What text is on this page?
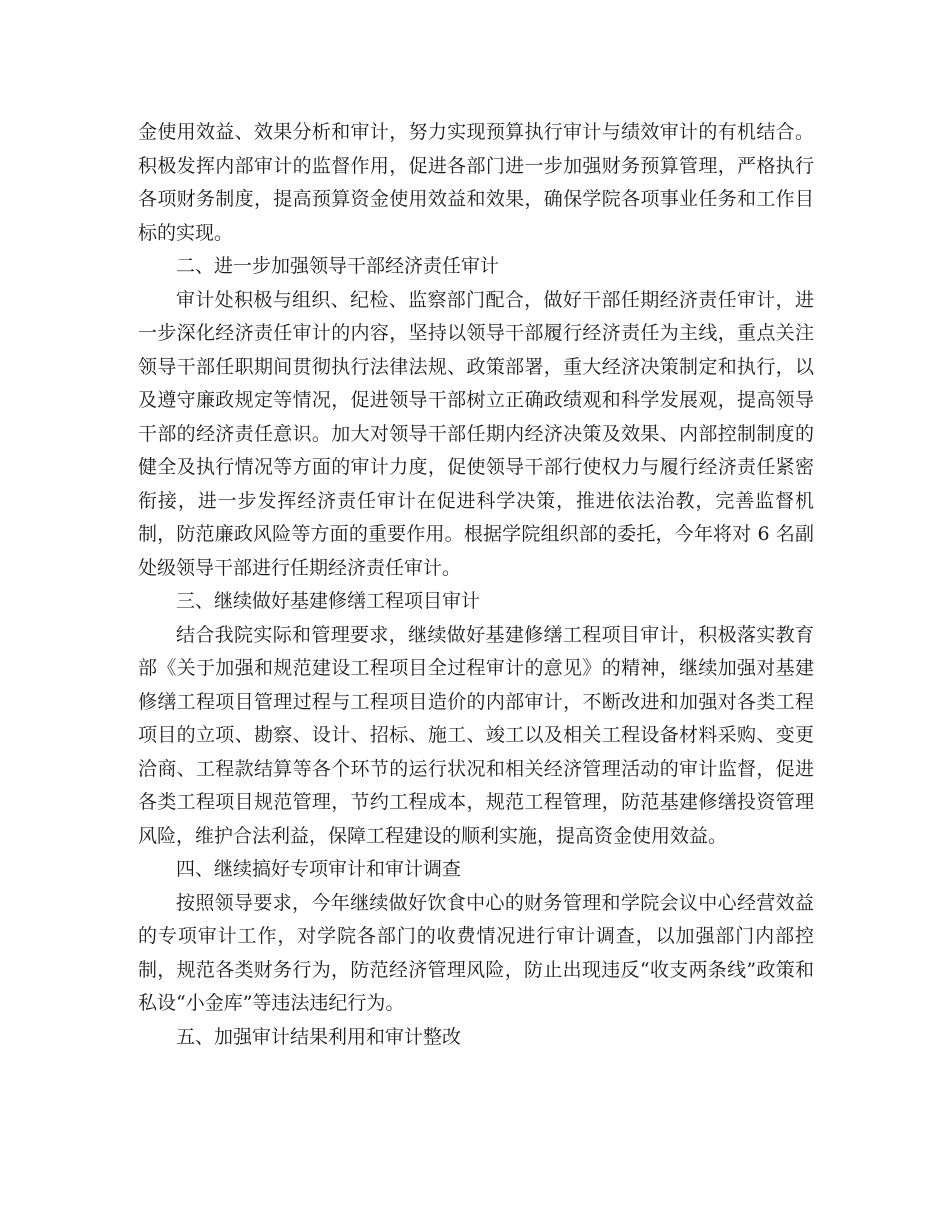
金使用效益、效果分析和审计，努力实现预算执行审计与绩效审计的有机结合。积极发挥内部审计的监督作用，促进各部门进一步加强财务预算管理，严格执行各项财务制度，提高预算资金使用效益和效果，确保学院各项事业任务和工作目标的实现。

二、进一步加强领导干部经济责任审计

审计处积极与组织、纪检、监察部门配合，做好干部任期经济责任审计，进一步深化经济责任审计的内容，坚持以领导干部履行经济责任为主线，重点关注领导干部任职期间贯彻执行法律法规、政策部署，重大经济决策制定和执行，以及遵守廉政规定等情况，促进领导干部树立正确政绩观和科学发展观，提高领导干部的经济责任意识。加大对领导干部任期内经济决策及效果、内部控制制度的健全及执行情况等方面的审计力度，促使领导干部行使权力与履行经济责任紧密衔接，进一步发挥经济责任审计在促进科学决策，推进依法治教，完善监督机制，防范廉政风险等方面的重要作用。根据学院组织部的委托，今年将对 6 名副处级领导干部进行任期经济责任审计。

三、继续做好基建修缮工程项目审计

结合我院实际和管理要求，继续做好基建修缮工程项目审计，积极落实教育部《关于加强和规范建设工程项目全过程审计的意见》的精神，继续加强对基建修缮工程项目管理过程与工程项目造价的内部审计，不断改进和加强对各类工程项目的立项、勘察、设计、招标、施工、竣工以及相关工程设备材料采购、变更洽商、工程款结算等各个环节的运行状况和相关经济管理活动的审计监督，促进各类工程项目规范管理，节约工程成本，规范工程管理，防范基建修缮投资管理风险，维护合法利益，保障工程建设的顺利实施，提高资金使用效益。

四、继续搞好专项审计和审计调查

按照领导要求，今年继续做好饮食中心的财务管理和学院会议中心经营效益的专项审计工作，对学院各部门的收费情况进行审计调查，以加强部门内部控制，规范各类财务行为，防范经济管理风险，防止出现违反“收支两条线”政策和私设“小金库”等违法违纪行为。

五、加强审计结果利用和审计整改
